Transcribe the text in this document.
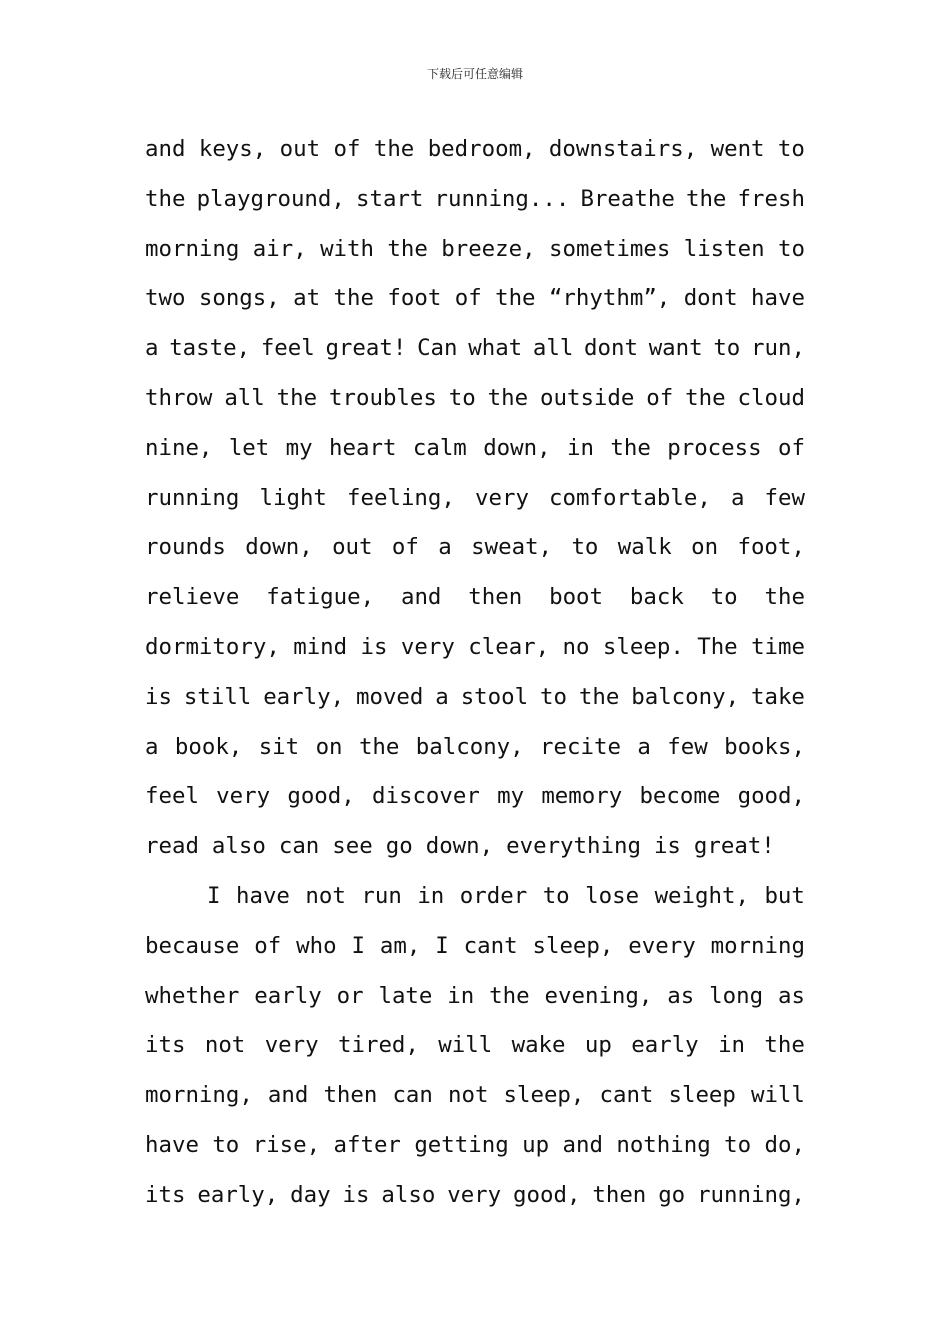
下载后可任意编辑
and keys, out of the bedroom, downstairs, went to
the playground, start running... Breathe the fresh
morning air, with the breeze, sometimes listen to
two songs, at the foot of the “rhythm”, dont have
a taste, feel great! Can what all dont want to run,
throw all the troubles to the outside of the cloud
nine, let my heart calm down, in the process of
running light feeling, very comfortable, a few
rounds down, out of a sweat, to walk on foot,
relieve fatigue, and then boot back to the
dormitory, mind is very clear, no sleep. The time
is still early, moved a stool to the balcony, take
a book, sit on the balcony, recite a few books,
feel very good, discover my memory become good,
read also can see go down, everything is great!
I have not run in order to lose weight, but
because of who I am, I cant sleep, every morning
whether early or late in the evening, as long as
its not very tired, will wake up early in the
morning, and then can not sleep, cant sleep will
have to rise, after getting up and nothing to do,
its early, day is also very good, then go running,
